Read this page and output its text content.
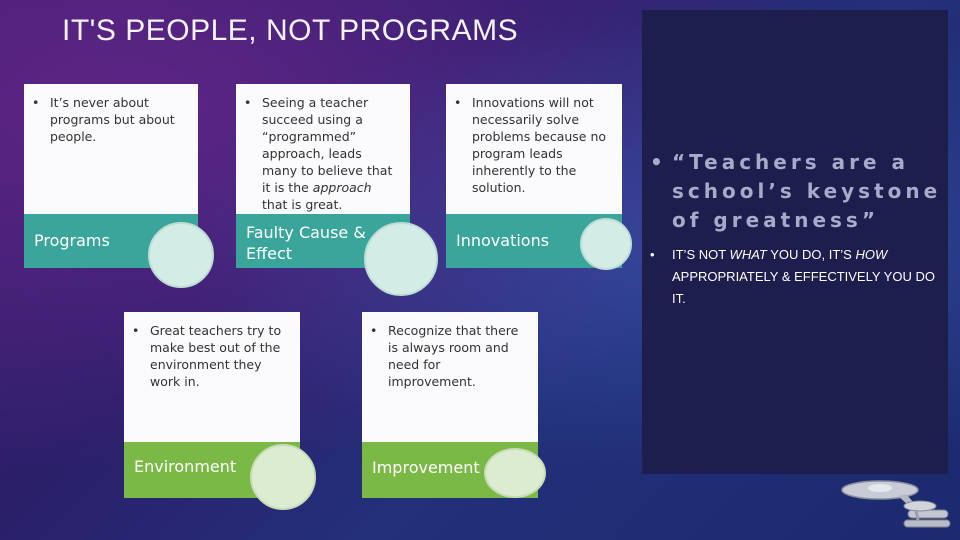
IT'S PEOPLE, NOT PROGRAMS
• It’s never about programs but about people.

Programs
• Seeing a teacher succeed using a “programmed” approach, leads many to believe that it is the approach that is great.

Faulty Cause & Effect
• Innovations will not necessarily solve problems because no program leads inherently to the solution.

Innovations
• Great teachers try to make best out of the environment they work in.

Environment
• Recognize that there is always room and need for improvement.

Improvement
• “Teachers are a school’s keystone of greatness”

•	IT’S NOT WHAT YOU DO, IT’S HOW APPROPRIATELY & EFFECTIVELY YOU DO IT.
